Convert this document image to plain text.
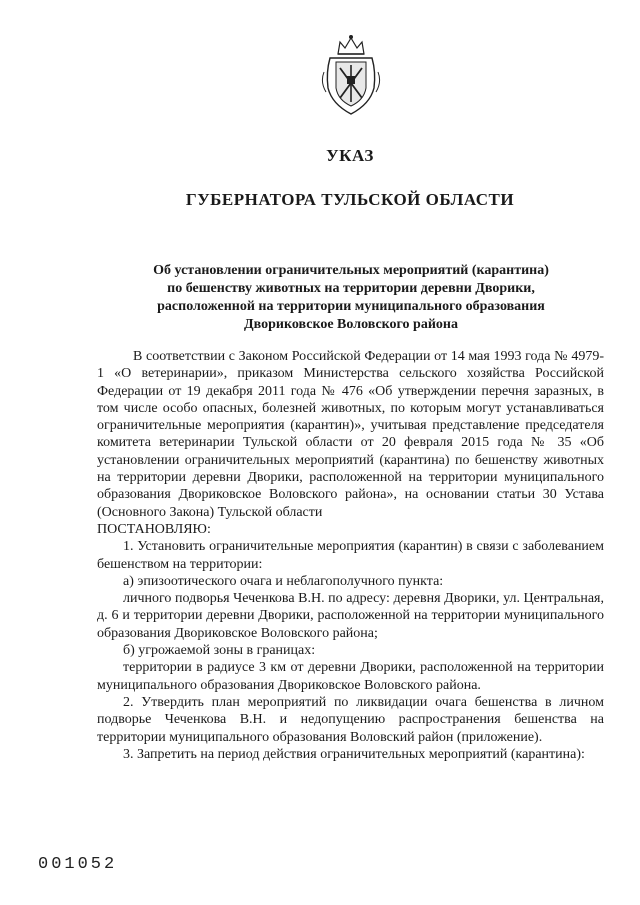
УКАЗ
ГУБЕРНАТОРА ТУЛЬСКОЙ ОБЛАСТИ
Об установлении ограничительных мероприятий (карантина)
по бешенству животных на территории деревни Дворики,
расположенной на территории муниципального образования
Двориковское Воловского района

В соответствии с Законом Российской Федерации от 14 мая 1993 года № 4979-1 «О ветеринарии», приказом Министерства сельского хозяйства Российской Федерации от 19 декабря 2011 года № 476 «Об утверждении перечня заразных, в том числе особо опасных, болезней животных, по которым могут устанавливаться ограничительные мероприятия (карантин)», учитывая представление председателя комитета ветеринарии Тульской области от 20 февраля 2015 года № 35 «Об установлении ограничительных мероприятий (карантина) по бешенству животных на территории деревни Дворики, расположенной на территории муниципального образования Двориковское Воловского района», на основании статьи 30 Устава (Основного Закона) Тульской области

ПОСТАНОВЛЯЮ:

1. Установить ограничительные мероприятия (карантин) в связи с заболеванием бешенством на территории:

а) эпизоотического очага и неблагополучного пункта:

личного подворья Чеченкова В.Н. по адресу: деревня Дворики, ул. Центральная, д. 6 и территории деревни Дворики, расположенной на территории муниципального образования Двориковское Воловского района;

б) угрожаемой зоны в границах:

территории в радиусе 3 км от деревни Дворики, расположенной на территории муниципального образования Двориковское Воловского района.

2. Утвердить план мероприятий по ликвидации очага бешенства в личном подворье Чеченкова В.Н. и недопущению распространения бешенства на территории муниципального образования Воловский район (приложение).

3. Запретить на период действия ограничительных мероприятий (карантина):

001052
